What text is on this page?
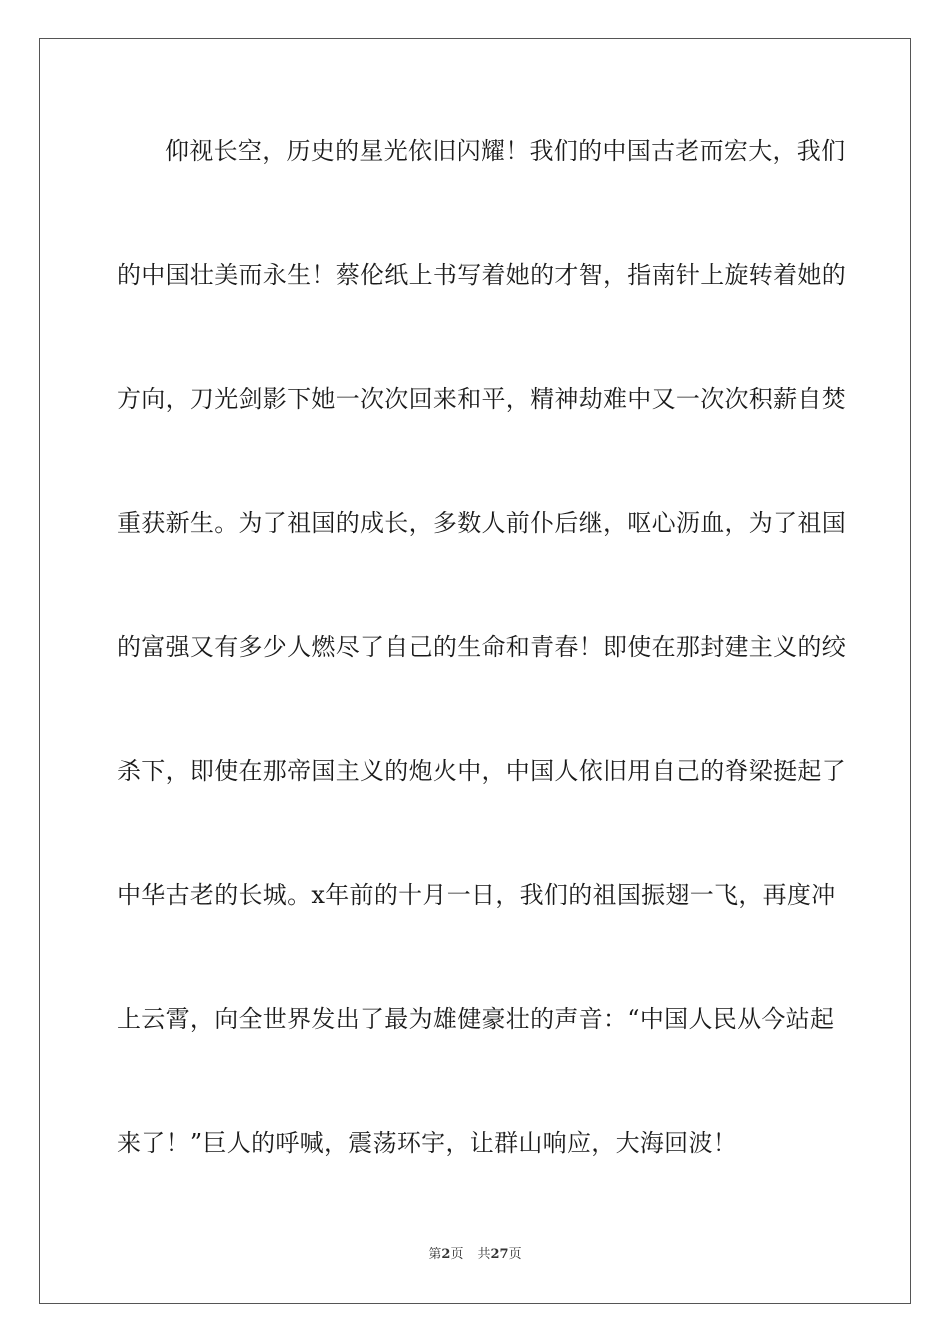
仰视长空，历史的星光依旧闪耀！我们的中国古老而宏大，我们
的中国壮美而永生！蔡伦纸上书写着她的才智，指南针上旋转着她的
方向，刀光剑影下她一次次回来和平，精神劫难中又一次次积薪自焚
重获新生。为了祖国的成长，多数人前仆后继，呕心沥血，为了祖国
的富强又有多少人燃尽了自己的生命和青春！即使在那封建主义的绞
杀下，即使在那帝国主义的炮火中，中国人依旧用自己的脊梁挺起了
中华古老的长城。x年前的十月一日，我们的祖国振翅一飞，再度冲
上云霄，向全世界发出了最为雄健豪壮的声音：“中国人民从今站起
来了！”巨人的呼喊，震荡环宇，让群山响应，大海回波！
第2页 共27页
